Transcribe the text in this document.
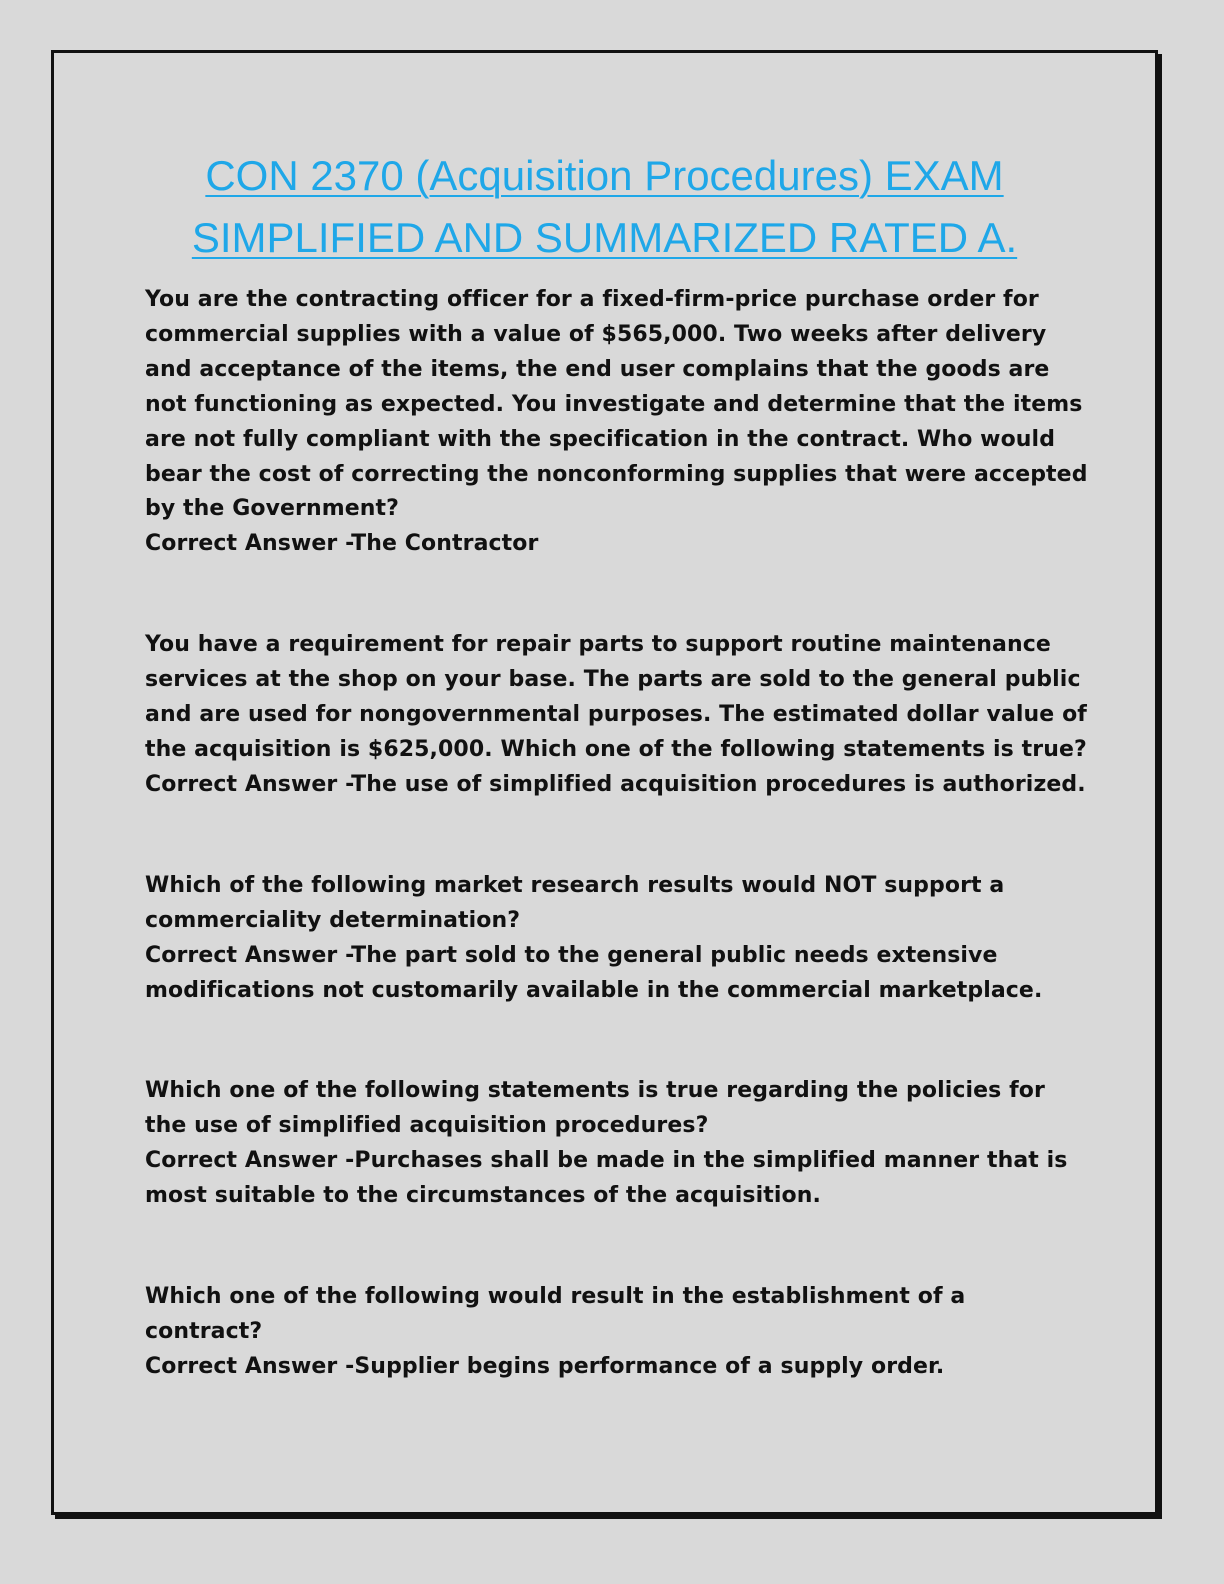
CON 2370 (Acquisition Procedures) EXAM
SIMPLIFIED AND SUMMARIZED RATED A.

You are the contracting officer for a fixed-firm-price purchase order for commercial supplies with a value of $565,000. Two weeks after delivery and acceptance of the items, the end user complains that the goods are not functioning as expected. You investigate and determine that the items are not fully compliant with the specification in the contract. Who would bear the cost of correcting the nonconforming supplies that were accepted by the Government?

Correct Answer -The Contractor

You have a requirement for repair parts to support routine maintenance services at the shop on your base. The parts are sold to the general public and are used for nongovernmental purposes. The estimated dollar value of the acquisition is $625,000. Which one of the following statements is true?

Correct Answer -The use of simplified acquisition procedures is authorized.

Which of the following market research results would NOT support a commerciality determination?

Correct Answer -The part sold to the general public needs extensive modifications not customarily available in the commercial marketplace.

Which one of the following statements is true regarding the policies for the use of simplified acquisition procedures?

Correct Answer -Purchases shall be made in the simplified manner that is most suitable to the circumstances of the acquisition.

Which one of the following would result in the establishment of a contract?

Correct Answer -Supplier begins performance of a supply order.
